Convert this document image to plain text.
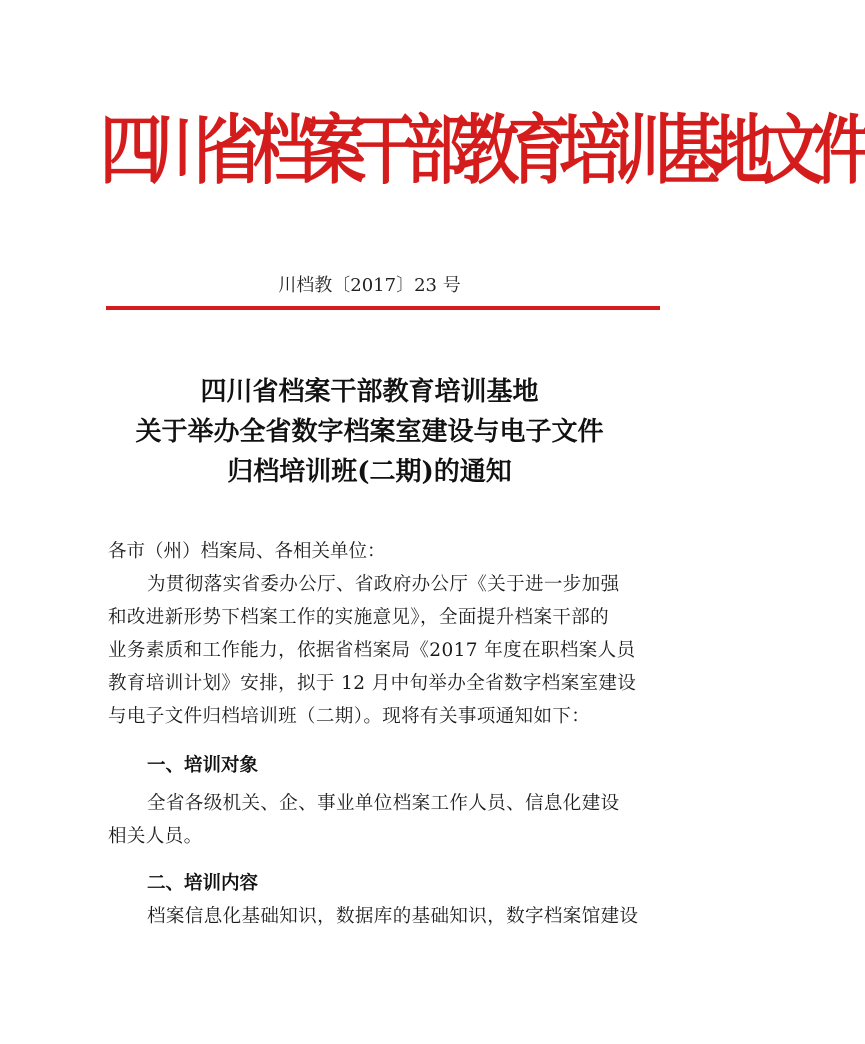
四川省档案干部教育培训基地文件
川档教〔2017〕23 号
四川省档案干部教育培训基地
关于举办全省数字档案室建设与电子文件
归档培训班(二期)的通知
各市（州）档案局、各相关单位：
为贯彻落实省委办公厅、省政府办公厅《关于进一步加强
和改进新形势下档案工作的实施意见》，全面提升档案干部的
业务素质和工作能力，依据省档案局《2017 年度在职档案人员
教育培训计划》安排，拟于 12 月中旬举办全省数字档案室建设
与电子文件归档培训班（二期）。现将有关事项通知如下：
一、培训对象
全省各级机关、企、事业单位档案工作人员、信息化建设
相关人员。
二、培训内容
档案信息化基础知识，数据库的基础知识，数字档案馆建设
